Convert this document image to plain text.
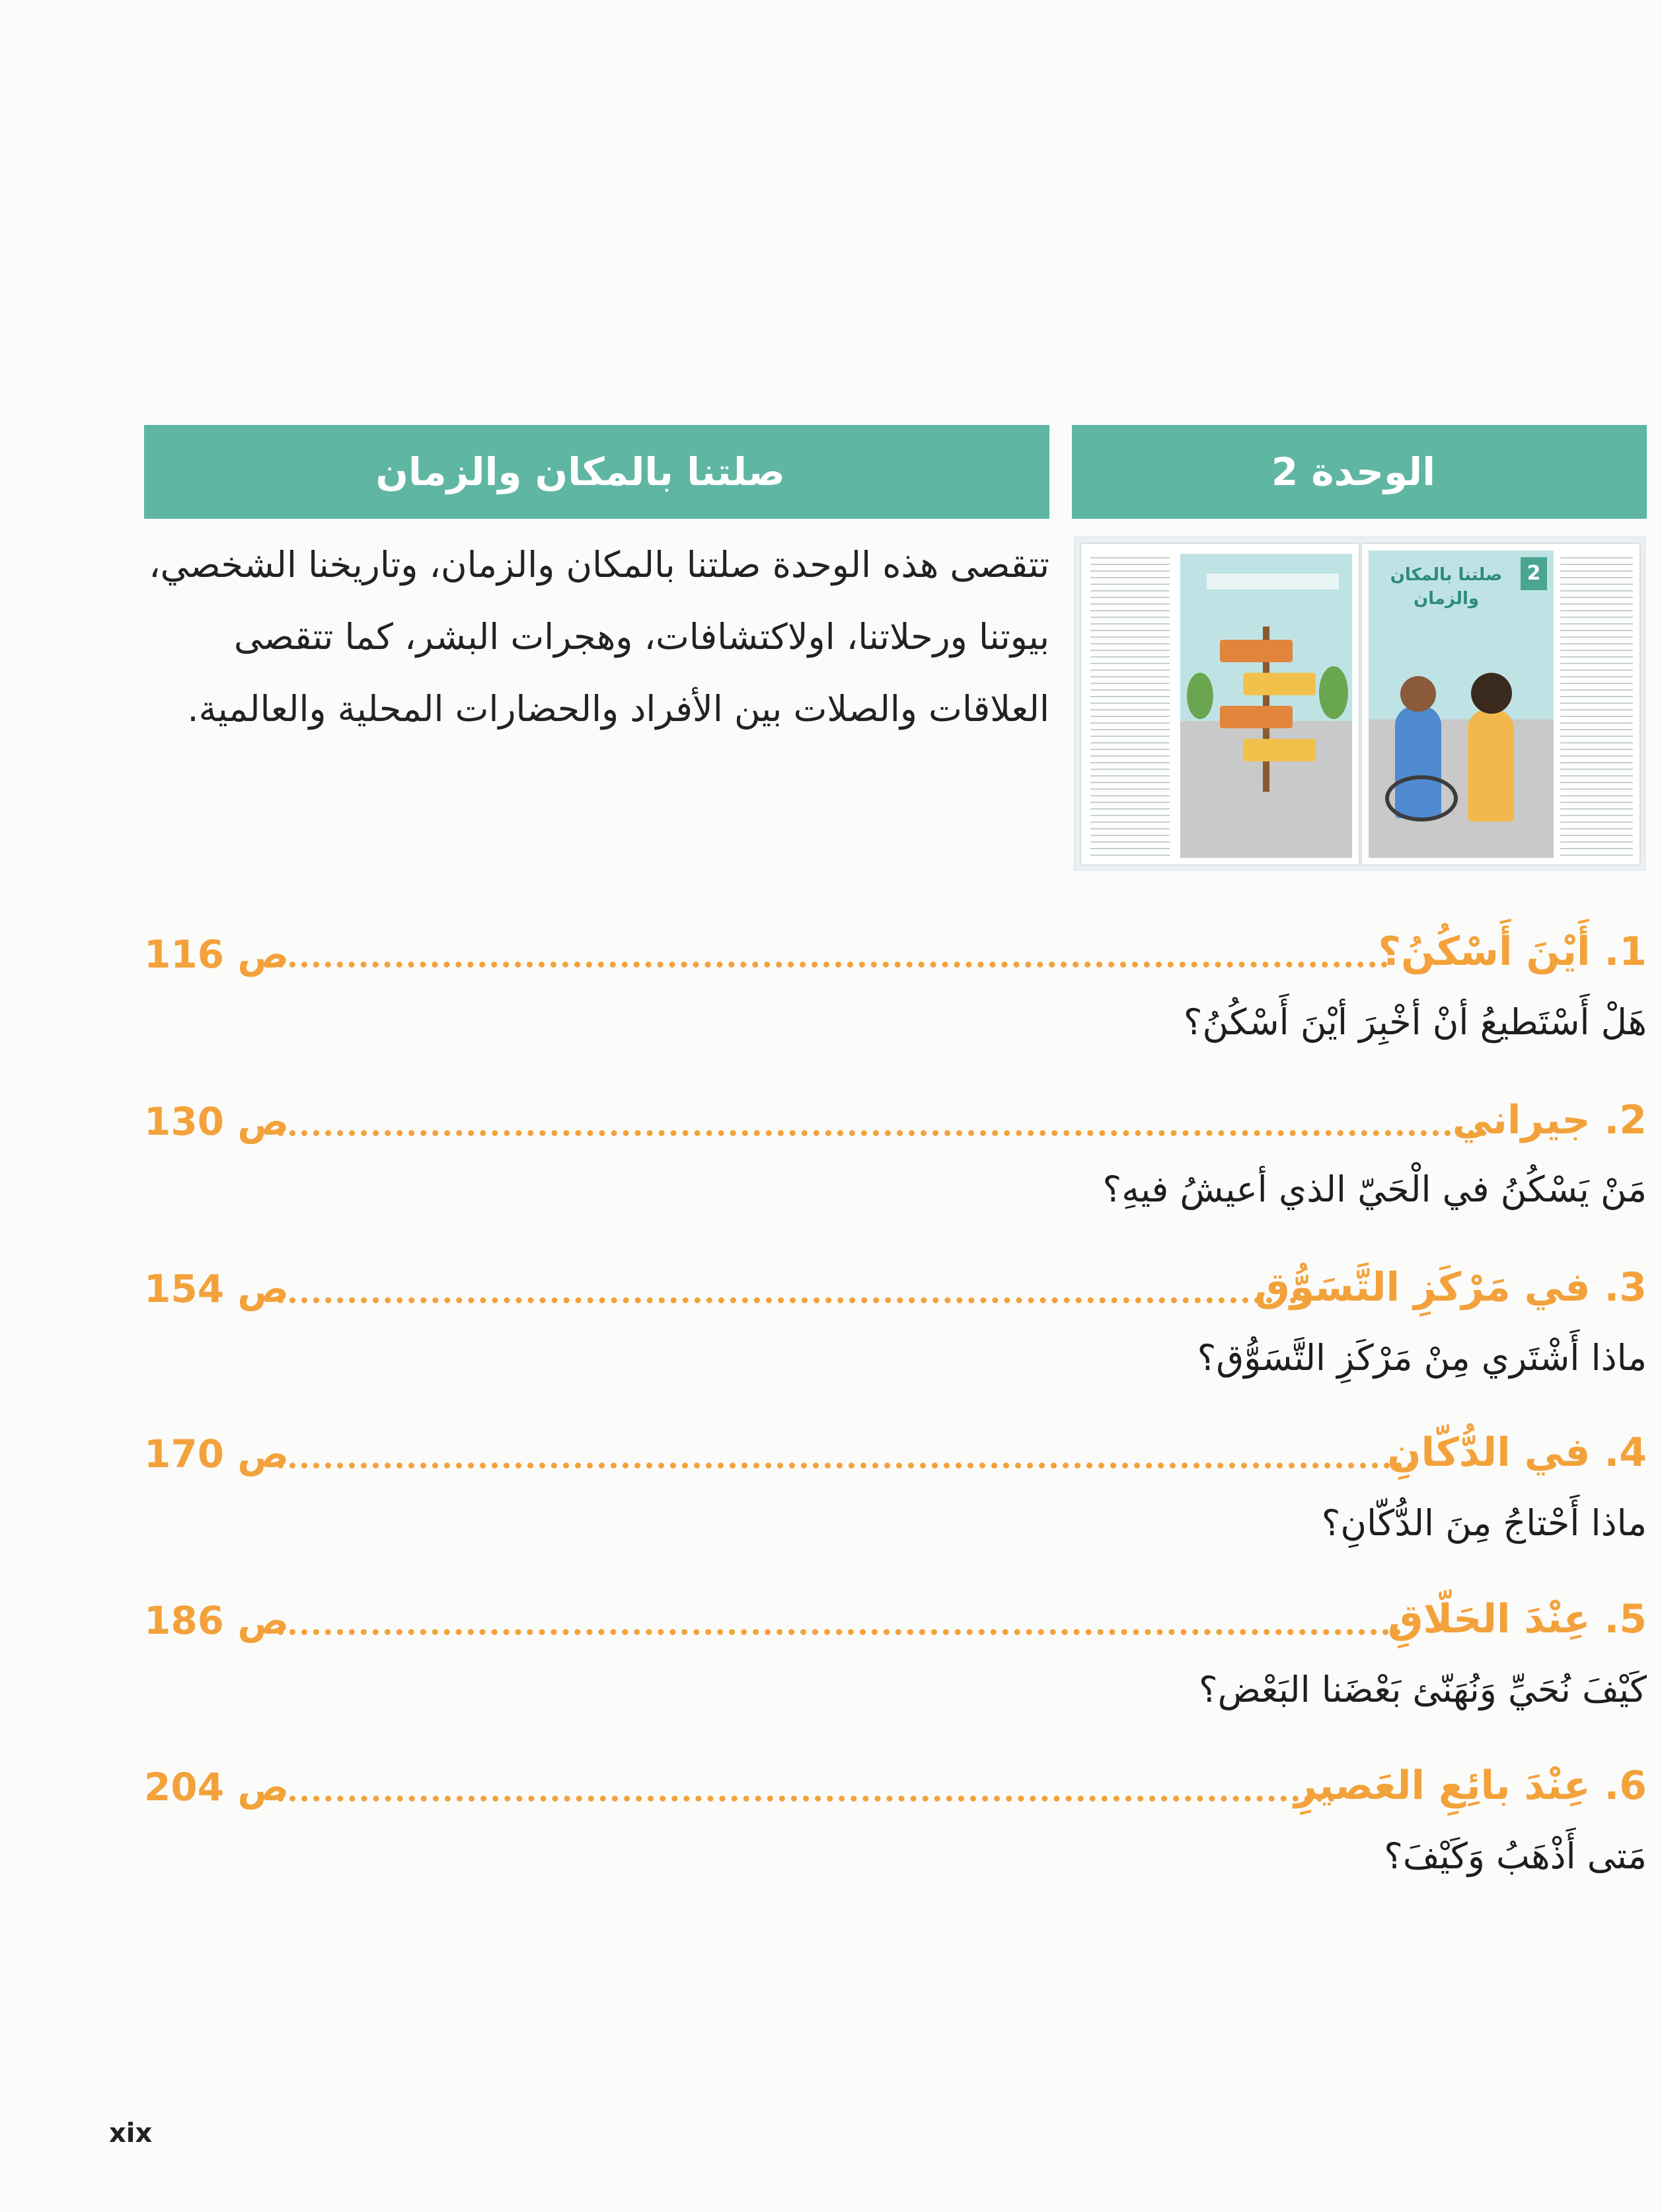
الوحدة 2
صلتنا بالمكان والزمان
2
صلتنا بالمكان
والزمان
تتقصى هذه الوحدة صلتنا بالمكان والزمان، وتاريخنا الشخصي، بيوتنا ورحلاتنا، اولاكتشافات، وهجرات البشر، كما تتقصى العلاقات والصلات بين الأفراد والحضارات المحلية والعالمية.
1. أَيْنَ أَسْكُنُ؟
ص 116
هَلْ أَسْتَطيعُ أنْ أخْبِرَ أيْنَ أَسْكُنُ؟
2. جيراني
ص 130
مَنْ يَسْكُنُ في الْحَيّ الذي أعيشُ فيهِ؟
3. في مَرْكَزِ التَّسَوُّق
ص 154
ماذا أَشْتَري مِنْ مَرْكَزِ التَّسَوُّق؟
4. في الدُّكّانِ
ص 170
ماذا أَحْتاجُ مِنَ الدُّكّانِ؟
5. عِنْدَ الحَلّاقِ
ص 186
كَيْفَ نُحَيِّ وَنُهَنّئ بَعْضَنا البَعْض؟
6. عِنْدَ بائِعِ العَصيرِ
ص 204
مَتى أَذْهَبُ وَكَيْفَ؟
xix
